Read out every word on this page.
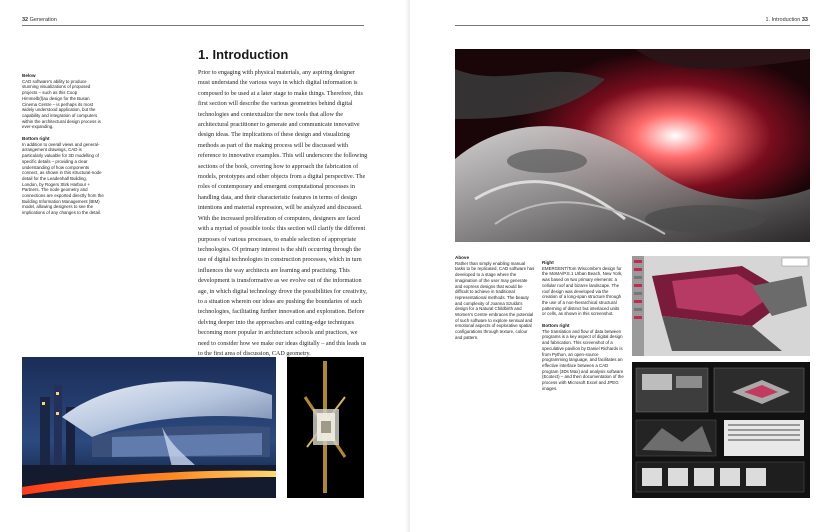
32 Generation

Below
CAD software's ability to produce stunning visualizations of proposed projects – such as this Coop Himmelb(l)au design for the Busan Cinema Centre – is perhaps its most widely understood application, but the capability and integration of computers within the architectural design process is ever-expanding.

Bottom right
In addition to overall views and general-arrangement drawings, CAD is particularly valuable for 3D modelling of specific details – providing a clear understanding of how components connect, as shown in this structural-node detail for the Leadenhall Building, London, by Rogers Stirk Harbour + Partners. The node geometry and connections are exported directly from the Building Information Management (BIM) model, allowing designers to see the implications of any changes to the detail.

1. Introduction

Prior to engaging with physical materials, any aspiring designer must understand the various ways in which digital information is composed to be used at a later stage to make things. Therefore, this first section will describe the various geometries behind digital technologies and contextualize the new tools that allow the architectural practitioner to generate and communicate innovative design ideas. The implications of these design and visualizing methods as part of the making process will be discussed with reference to innovative examples. This will underscore the following sections of the book, covering how to approach the fabrication of models, prototypes and other objects from a digital perspective. The roles of contemporary and emergent computational processes in handling data, and their characteristic features in terms of design intentions and material expression, will be analyzed and discussed. With the increased proliferation of computers, designers are faced with a myriad of possible tools: this section will clarify the different purposes of various processes, to enable selection of appropriate technologies. Of primary interest is the shift occurring through the use of digital technologies in construction processes, which in turn influences the way architects are learning and practising. This development is transformative as we evolve out of the information age, in which digital technology drove the possibilities for creativity, to a situation wherein our ideas are pushing the boundaries of such technologies, facilitating further innovation and exploration. Before delving deeper into the approaches and cutting-edge techniques becoming more popular in architecture schools and practices, we need to consider how we make our ideas digitally – and this leads us to the first area of discussion, CAD geometry.

1. Introduction 33
Above
Rather than simply enabling manual tasks to be replicated, CAD software has developed to a stage where the imagination of the user may generate and express designs that would be difficult to achieve in traditional representational methods. The beauty and complexity of Joanna Szulda's design for a Natural Childbirth and Women's Centre embraces the potential of such software to explore sensual and emotional aspects of explorative spatial configurations through texture, colour and pattern.

Right
EMERGENT/Tom Wiscombe's design for the MoMA/P.S.1 Urban Beach, New York, was based on two primary elements: a cellular roof and bizarre landscape. The roof design was developed via the creation of a long-span structure through the use of a non-hierarchical structural patterning of distinct but interlaced units or cells, as shown in this screenshot.

Bottom right
The translation and flow of data between programs is a key aspect of digital design and fabrication. This screenshot of a speculative pavilion by Daniel Richards is from Python, an open-source programming language, and facilitates an effective interface between a CAD program (3Ds Max) and analysis software (Ecotect) – and then documentation of the process with Microsoft Excel and JPEG images.
